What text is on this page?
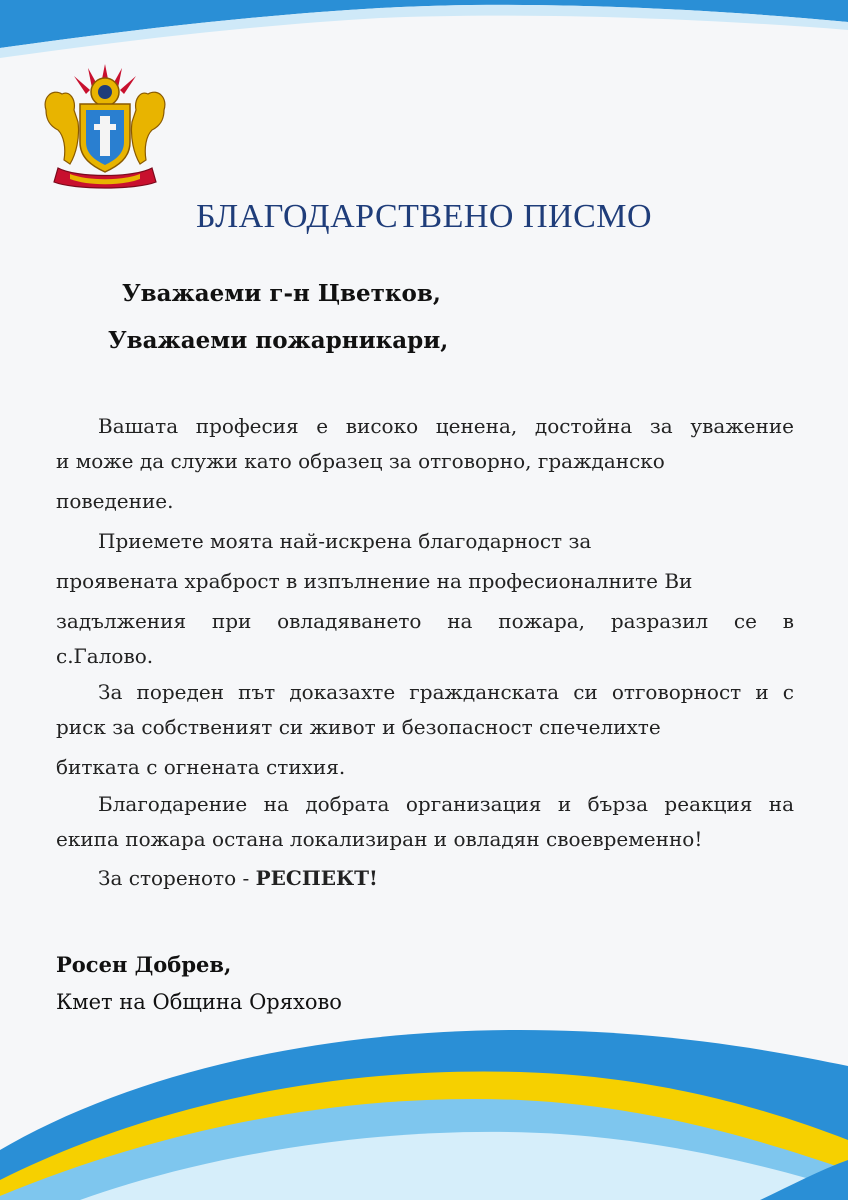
БЛАГОДАРСТВЕНО ПИСМО
Уважаеми г-н Цветков,
Уважаеми пожарникари,
Вашата професия е високо ценена, достойна за уважение
и може да служи като образец за отговорно, гражданско
поведение.
Приемете моята най-искрена благодарност за
проявената храброст в изпълнение на професионалните Ви
задължения при овладяването на пожара, разразил се в
с.Галово.
За пореден път доказахте гражданската си отговорност и с
риск за собственият си живот и безопасност спечелихте
битката с огнената стихия.
Благодарение на добрата организация и бърза реакция на
екипа пожара остана локализиран и овладян своевременно!
За стореното - РЕСПЕКТ!
Росен Добрев,
Кмет на Община Оряхово
